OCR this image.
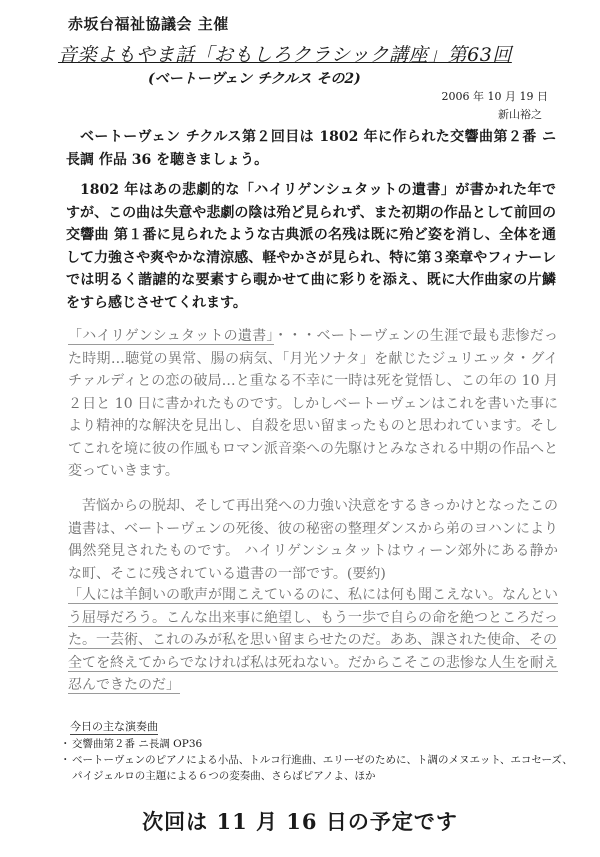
赤坂台福祉協議会 主催
音楽よもやま話「おもしろクラシック講座」第63回
(ベートーヴェン チクルス その2)
2006 年 10 月 19 日
新山裕之

ベートーヴェン チクルス第２回目は 1802 年に作られた交響曲第２番 ニ長調 作品 36 を聴きましょう。

1802 年はあの悲劇的な「ハイリゲンシュタットの遺書」が書かれた年ですが、この曲は失意や悲劇の陰は殆ど見られず、また初期の作品として前回の交響曲 第１番に見られたような古典派の名残は既に殆ど姿を消し、全体を通して力強さや爽やかな清涼感、軽やかさが見られ、特に第３楽章やフィナーレでは明るく諧謔的な要素すら覗かせて曲に彩りを添え、既に大作曲家の片鱗をすら感じさせてくれます。

「ハイリゲンシュタットの遺書」・・・ベートーヴェンの生涯で最も悲惨だった時期…聴覚の異常、腸の病気、「月光ソナタ」を献じたジュリエッタ・グイチァルディとの恋の破局…と重なる不幸に一時は死を覚悟し、この年の 10 月２日と 10 日に書かれたものです。しかしベートーヴェンはこれを書いた事により精神的な解決を見出し、自殺を思い留まったものと思われています。そしてこれを境に彼の作風もロマン派音楽への先駆けとみなされる中期の作品へと変っていきます。

苦悩からの脱却、そして再出発への力強い決意をするきっかけとなったこの遺書は、ベートーヴェンの死後、彼の秘密の整理ダンスから弟のヨハンにより偶然発見されたものです。 ハイリゲンシュタットはウィーン郊外にある静かな町、そこに残されている遺書の一部です。(要約)

「人には羊飼いの歌声が聞こえているのに、私には何も聞こえない。なんという屈辱だろう。こんな出来事に絶望し、もう一歩で自らの命を絶つところだった。一芸術、これのみが私を思い留まらせたのだ。ああ、課された使命、その全てを終えてからでなければ私は死ねない。だからこそこの悲惨な人生を耐え忍んできたのだ」

今日の主な演奏曲
・ 交響曲第２番 ニ長調 OP36
・ ベートーヴェンのピアノによる小品、トルコ行進曲、エリーゼのために、ト調のメヌエット、エコセーズ、パイジェルロの主題による６つの変奏曲、さらばピアノよ、ほか
次回は 11 月 16 日の予定です
